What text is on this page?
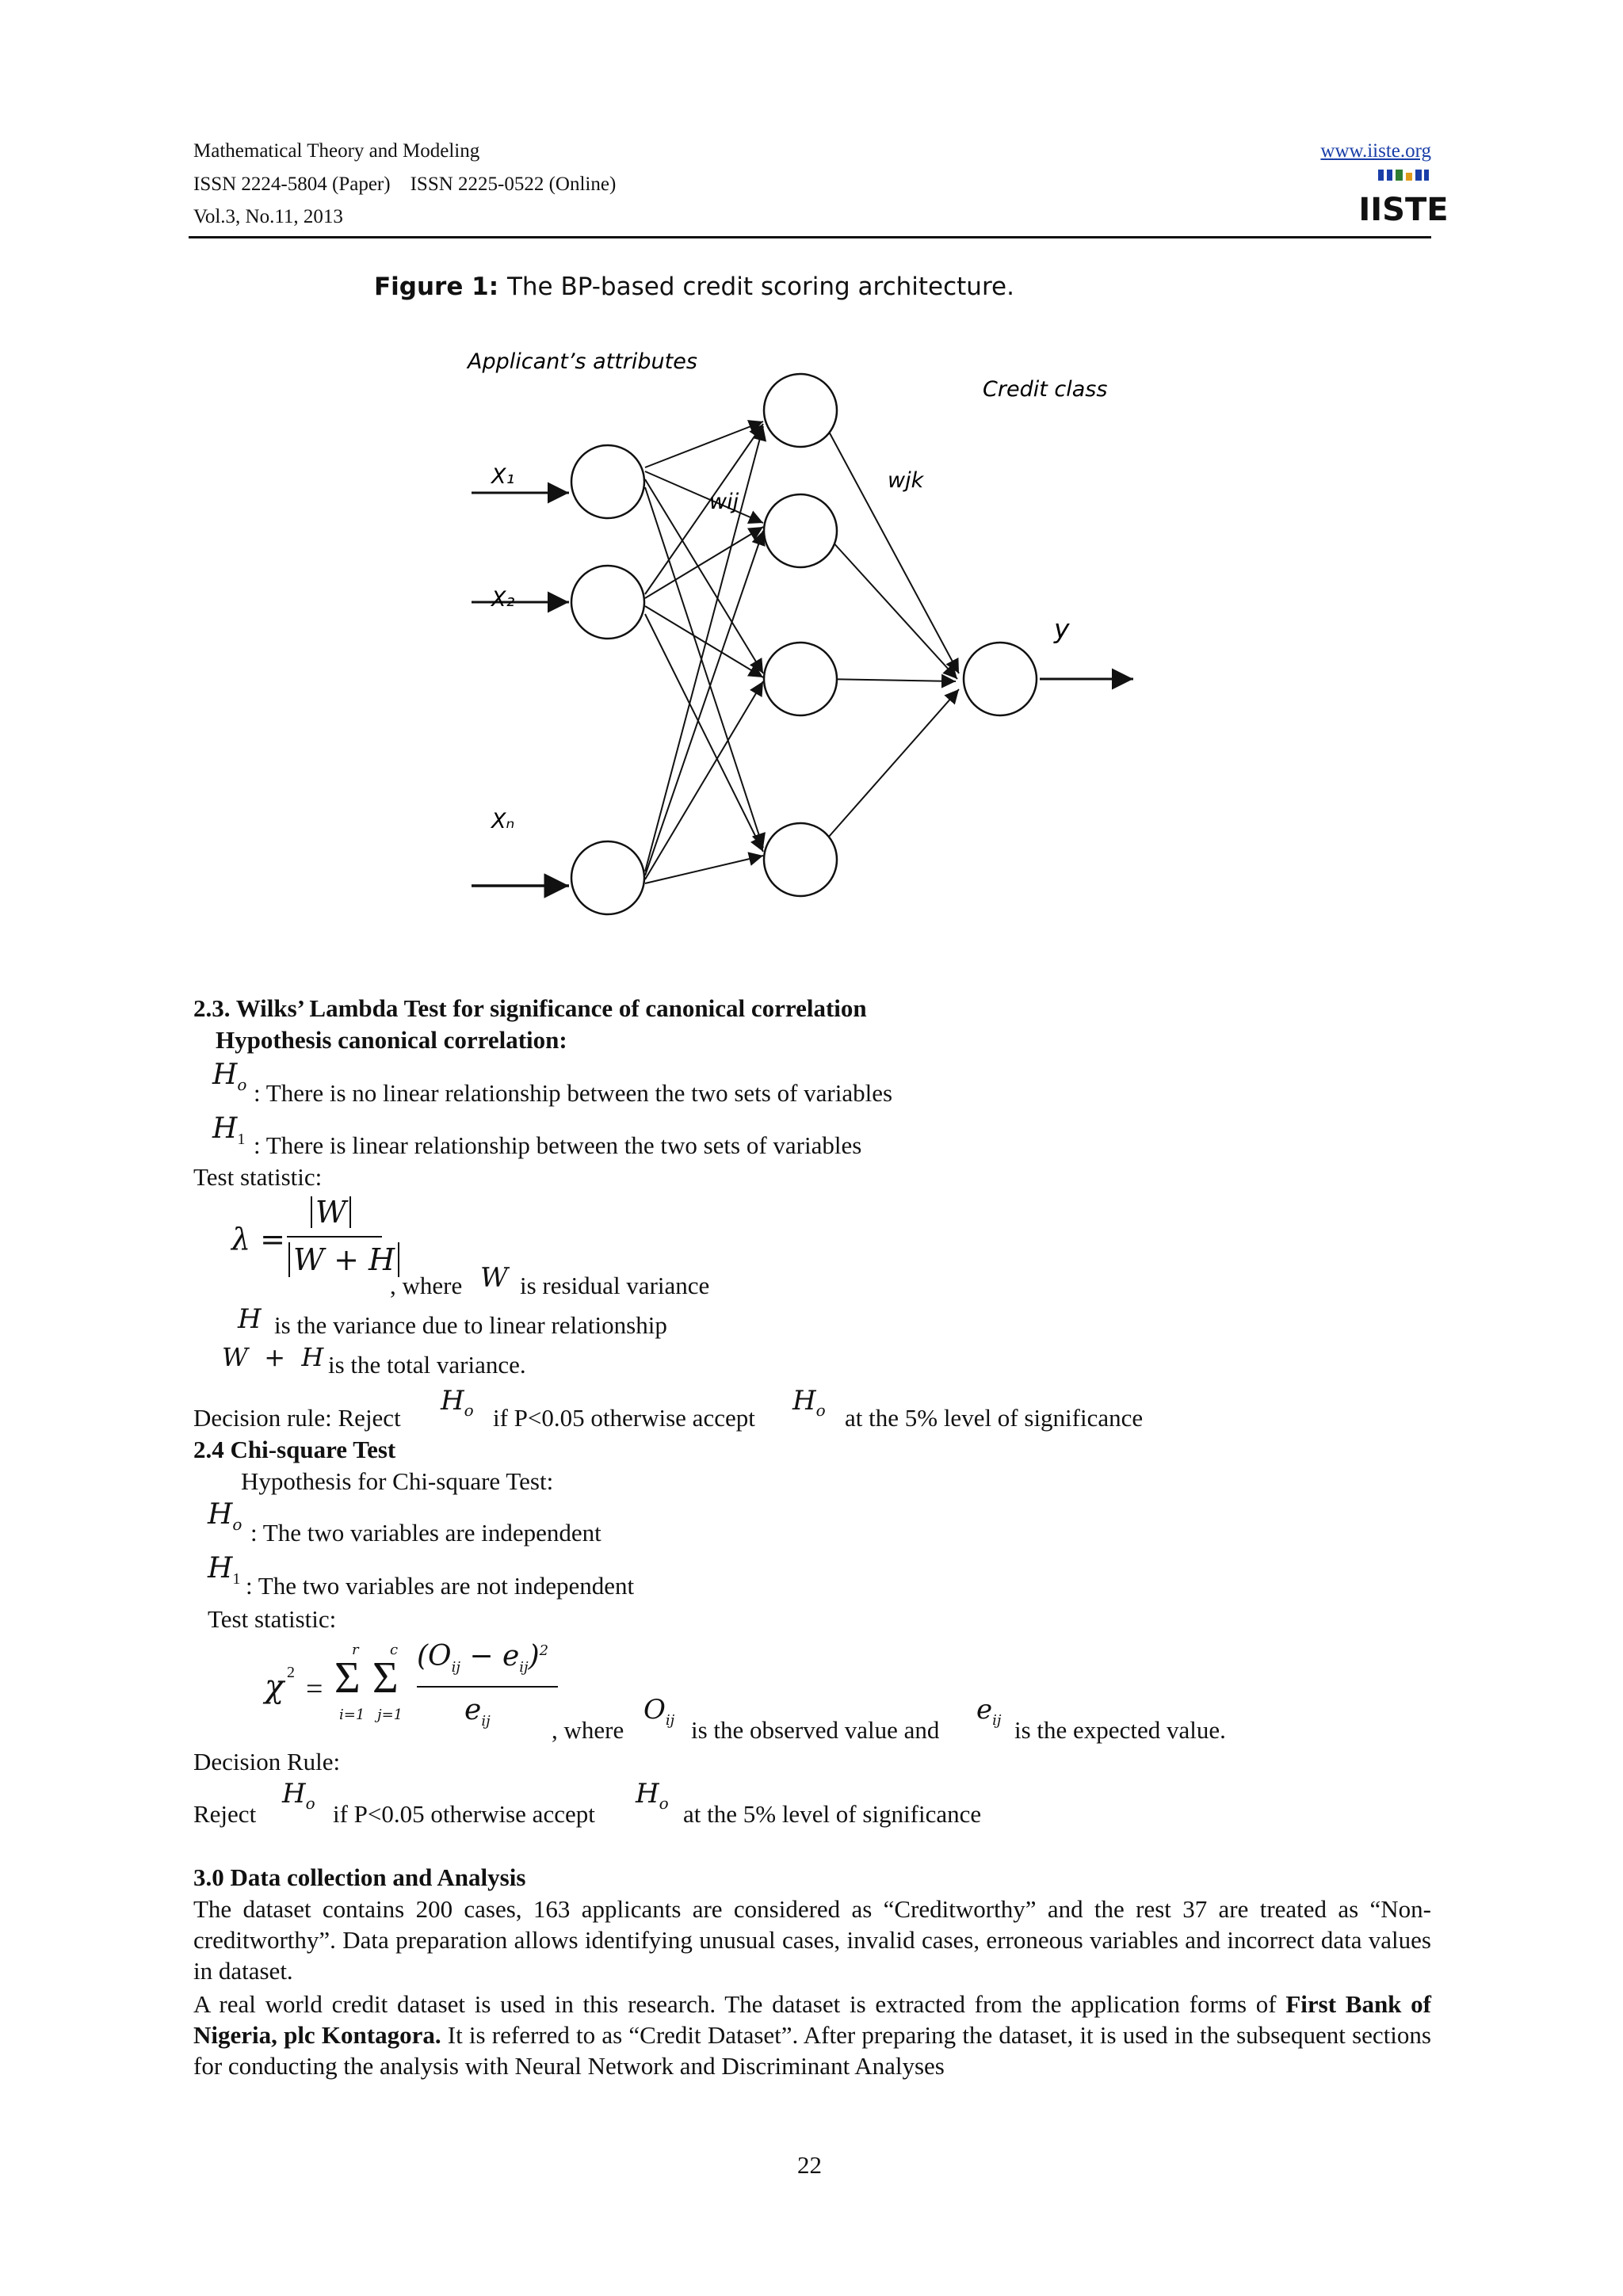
Mathematical Theory and Modeling
ISSN 2224-5804 (Paper)    ISSN 2225-0522 (Online)
Vol.3, No.11, 2013
www.iiste.org
IISTE
Figure 1: The BP-based credit scoring architecture.
Applicant’s attributes
Credit class
X₁
X₂
Xₙ
wij
wjk
y
2.3. Wilks’ Lambda Test for significance of canonical correlation
Hypothesis canonical correlation:
$H_o$ : There is no linear relationship between the two sets of variables
$H_1$ : There is linear relationship between the two sets of variables
Test statistic:
λ =
W
W + H
, where W is residual variance
H is the variance due to linear relationship
W  +  H is the total variance.
Decision rule: Reject
$H_o$ if P<0.05 otherwise accept
$H_o$ at the 5% level of significance
2.4 Chi-square Test
Hypothesis for Chi-square Test:
$H_o$ : The two variables are independent
$H_1$ : The two variables are not independent
Test statistic:
χ 2 =
r
Σ
i=1
c
Σ
j=1
$(O_{ij} - e_{ij})^2$
$e_{ij}$ , where
$O_{ij}$ is the observed value and
$e_{ij}$ is the expected value.
Decision Rule:
Reject
$H_o$ if P<0.05 otherwise accept
$H_o$ at the 5% level of significance
3.0 Data collection and Analysis
The dataset contains 200 cases, 163 applicants are considered as “Creditworthy” and the rest 37 are treated as “Non-creditworthy”. Data preparation allows identifying unusual cases, invalid cases, erroneous variables and incorrect data values in dataset.
A real world credit dataset is used in this research. The dataset is extracted from the application forms of First Bank of Nigeria, plc Kontagora. It is referred to as “Credit Dataset”. After preparing the dataset, it is used in the subsequent sections for conducting the analysis with Neural Network and Discriminant Analyses
22
